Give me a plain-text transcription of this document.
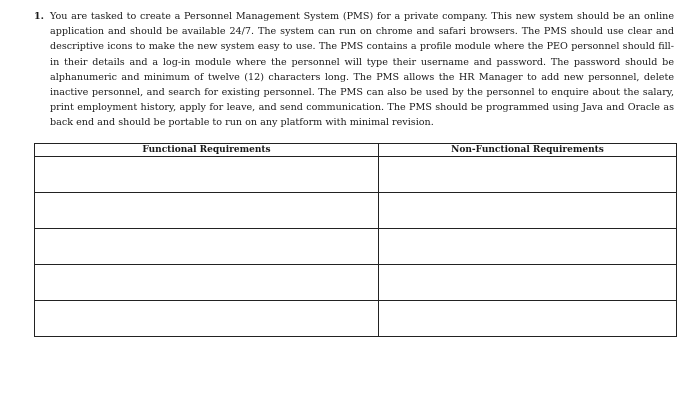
1. You are tasked to create a Personnel Management System (PMS) for a private company. This new system should be an online application and should be available 24/7. The system can run on chrome and safari browsers. The PMS should use clear and descriptive icons to make the new system easy to use. The PMS contains a profile module where the PEO personnel should fill-in their details and a log-in module where the personnel will type their username and password. The password should be alphanumeric and minimum of twelve (12) characters long. The PMS allows the HR Manager to add new personnel, delete inactive personnel, and search for existing personnel. The PMS can also be used by the personnel to enquire about the salary, print employment history, apply for leave, and send communication. The PMS should be programmed using Java and Oracle as back end and should be portable to run on any platform with minimal revision.
Functional Requirements	Non-Functional Requirements
